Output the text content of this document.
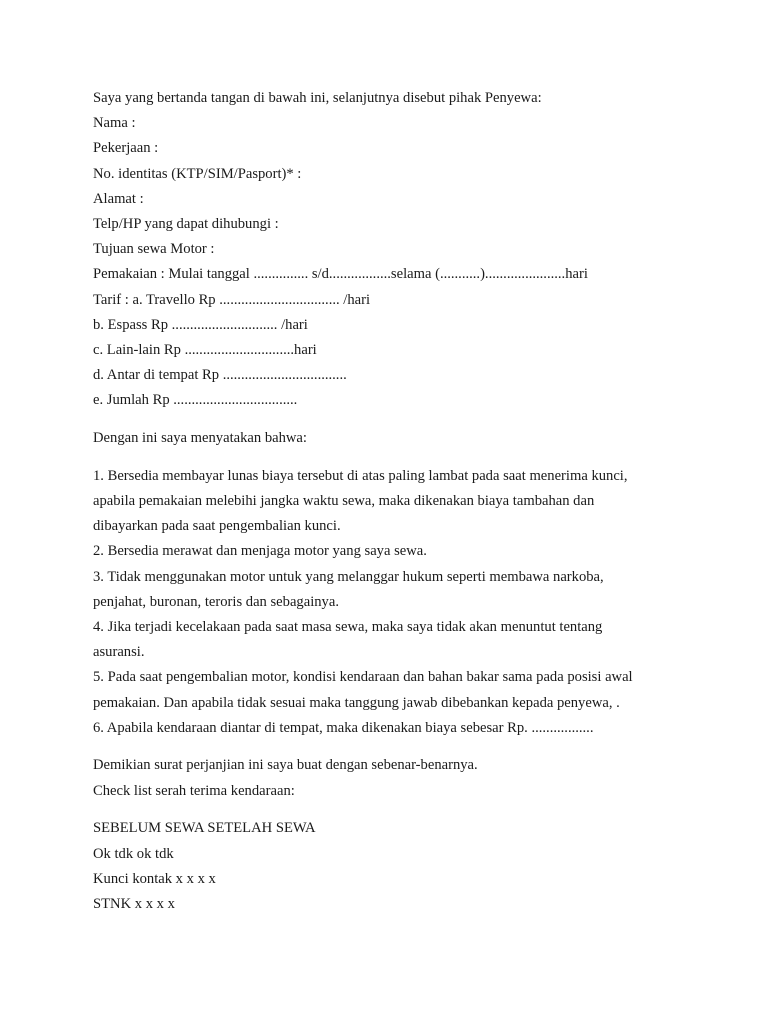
Saya yang bertanda tangan di bawah ini, selanjutnya disebut pihak Penyewa:
Nama :
Pekerjaan :
No. identitas (KTP/SIM/Pasport)* :
Alamat :
Telp/HP yang dapat dihubungi :
Tujuan sewa Motor :
Pemakaian : Mulai tanggal ............... s/d.................selama (...........)......................hari
Tarif : a. Travello Rp ................................. /hari
b. Espass Rp ............................. /hari
c. Lain-lain Rp ..............................hari
d. Antar di tempat Rp ..................................
e. Jumlah Rp ..................................
Dengan ini saya menyatakan bahwa:
1. Bersedia membayar lunas biaya tersebut di atas paling lambat pada saat menerima kunci,
apabila pemakaian melebihi jangka waktu sewa, maka dikenakan biaya tambahan dan
dibayarkan pada saat pengembalian kunci.
2. Bersedia merawat dan menjaga motor yang saya sewa.
3. Tidak menggunakan motor untuk yang melanggar hukum seperti membawa narkoba,
penjahat, buronan, teroris dan sebagainya.
4. Jika terjadi kecelakaan pada saat masa sewa, maka saya tidak akan menuntut tentang
asuransi.
5. Pada saat pengembalian motor, kondisi kendaraan dan bahan bakar sama pada posisi awal
pemakaian. Dan apabila tidak sesuai maka tanggung jawab dibebankan kepada penyewa, .
6. Apabila kendaraan diantar di tempat, maka dikenakan biaya sebesar Rp. .................
Demikian surat perjanjian ini saya buat dengan sebenar-benarnya.
Check list serah terima kendaraan:
SEBELUM SEWA SETELAH SEWA
Ok tdk ok tdk
Kunci kontak x x x x
STNK x x x x
